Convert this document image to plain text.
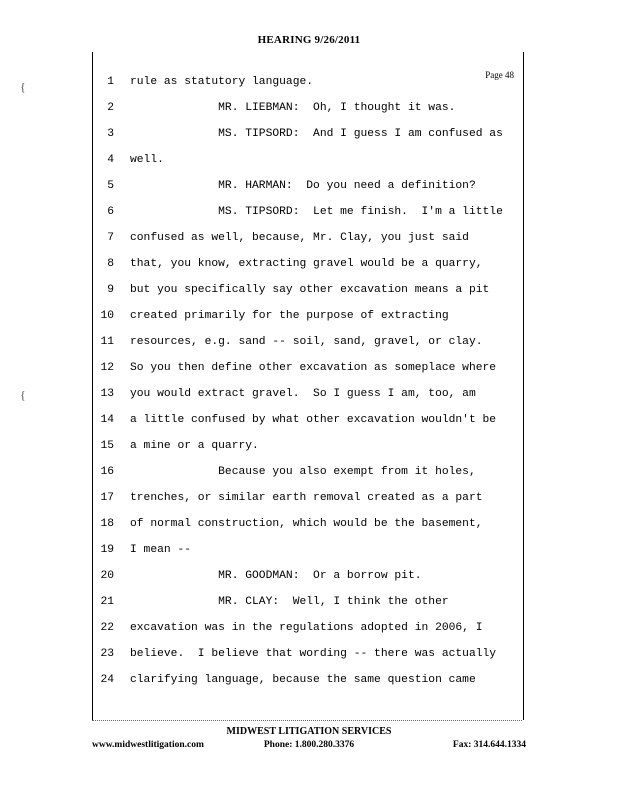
HEARING 9/26/2011
Page 48
{
{
1 rule as statutory language.
2 MR. LIEBMAN:  Oh, I thought it was.
3 MS. TIPSORD:  And I guess I am confused as
4 well.
5 MR. HARMAN:  Do you need a definition?
6 MS. TIPSORD:  Let me finish.  I'm a little
7 confused as well, because, Mr. Clay, you just said
8 that, you know, extracting gravel would be a quarry,
9 but you specifically say other excavation means a pit
10 created primarily for the purpose of extracting
11 resources, e.g. sand -- soil, sand, gravel, or clay.
12 So you then define other excavation as someplace where
13 you would extract gravel.  So I guess I am, too, am
14 a little confused by what other excavation wouldn't be
15 a mine or a quarry.
16 Because you also exempt from it holes,
17 trenches, or similar earth removal created as a part
18 of normal construction, which would be the basement,
19 I mean --
20 MR. GOODMAN:  Or a borrow pit.
21 MR. CLAY:  Well, I think the other
22 excavation was in the regulations adopted in 2006, I
23 believe.  I believe that wording -- there was actually
24 clarifying language, because the same question came
MIDWEST LITIGATION SERVICES
www.midwestlitigation.com	Phone: 1.800.280.3376	Fax: 314.644.1334
